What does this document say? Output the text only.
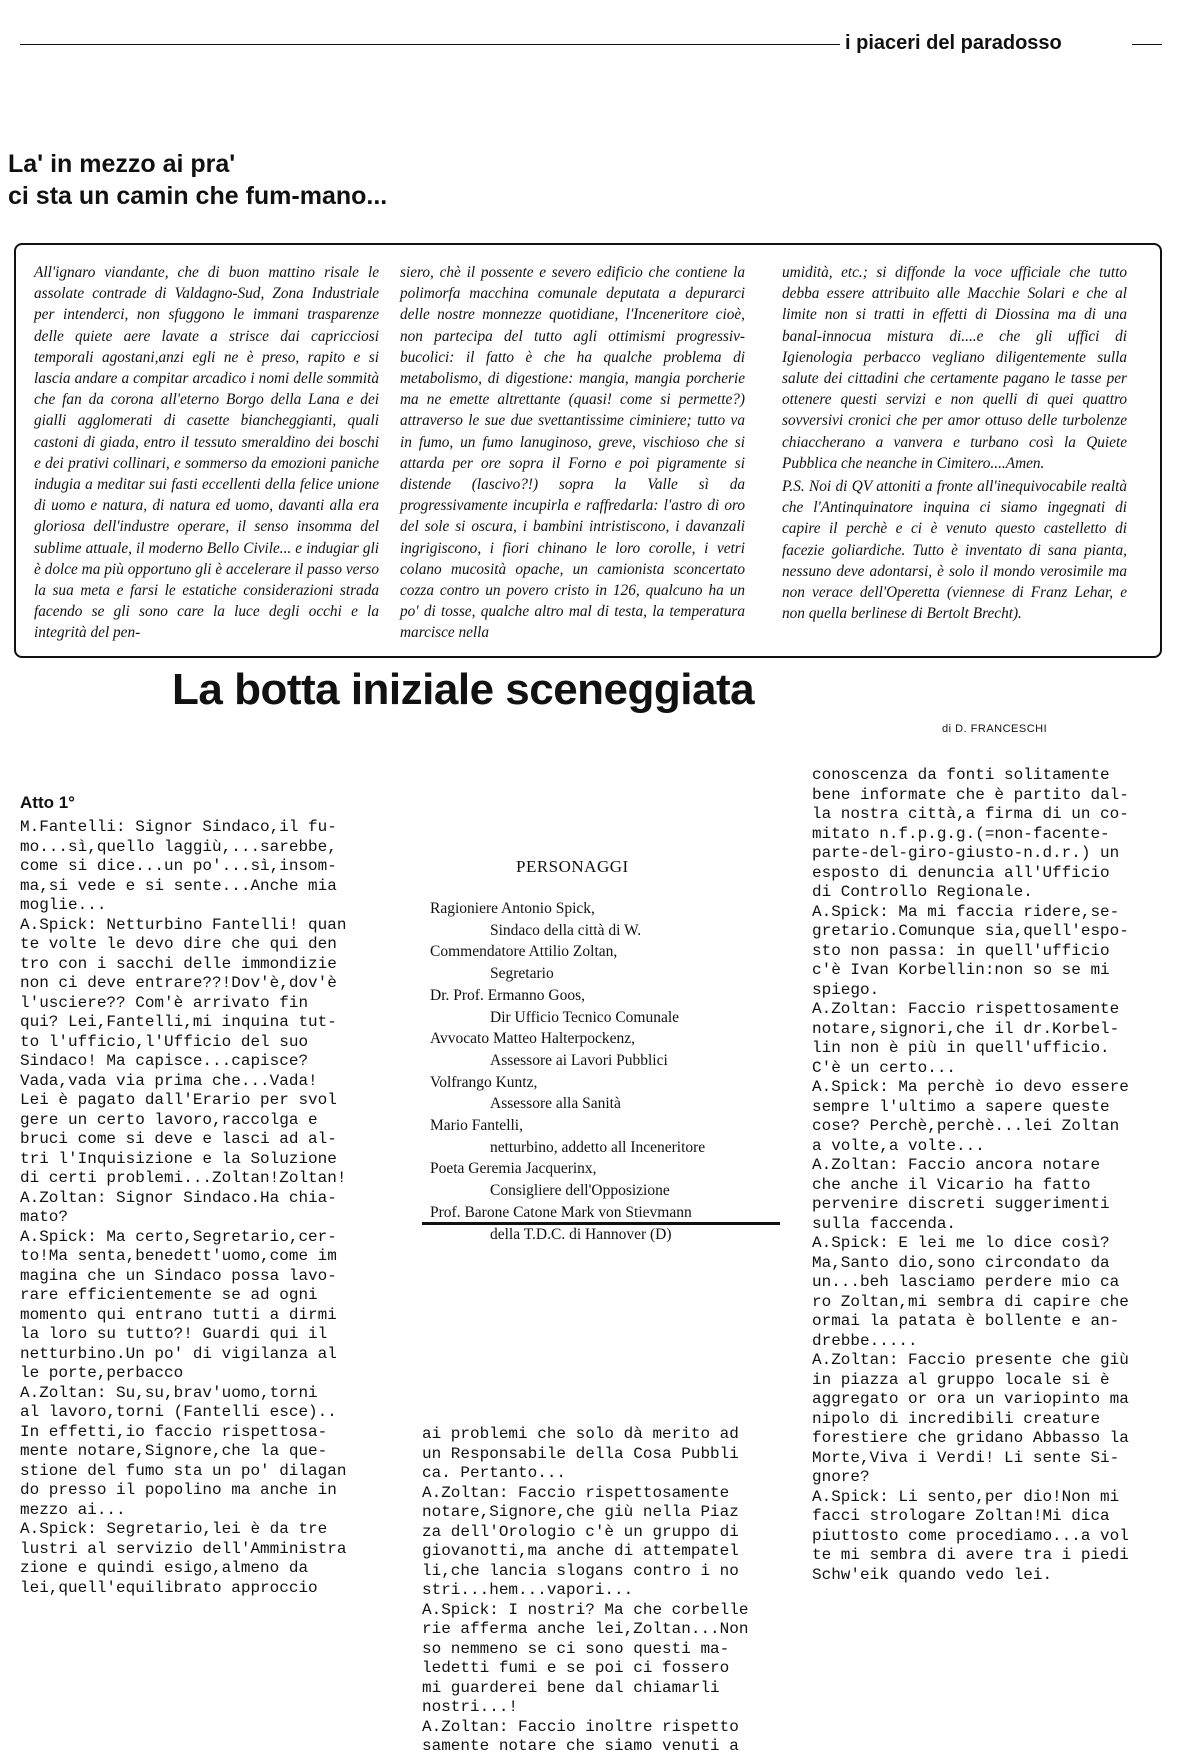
i piaceri del paradosso
La' in mezzo ai pra'
ci sta un camin che fum-mano...
All'ignaro viandante, che di buon mattino risale le assolate contrade di Valdagno-Sud, Zona Industriale per intenderci, non sfuggono le immani trasparenze delle quiete aere lavate a strisce dai capricciosi temporali agostani,anzi egli ne è preso, rapito e si lascia andare a compitar arcadico i nomi delle sommità che fan da corona all'eterno Borgo della Lana e dei gialli agglomerati di casette biancheggianti, quali castoni di giada, entro il tessuto smeraldino dei boschi e dei prativi collinari, e sommerso da emozioni paniche indugia a meditar sui fasti eccellenti della felice unione di uomo e natura, di natura ed uomo, davanti alla era gloriosa dell'industre operare, il senso insomma del sublime attuale, il moderno Bello Civile... e indugiar gli è dolce ma più opportuno gli è accelerare il passo verso la sua meta e farsi le estatiche considerazioni strada facendo se gli sono care la luce degli occhi e la integrità del pen-
siero, chè il possente e severo edificio che contiene la polimorfa macchina comunale deputata a depurarci delle nostre monnezze quotidiane, l'Inceneritore cioè, non partecipa del tutto agli ottimismi progressiv-bucolici: il fatto è che ha qualche problema di metabolismo, di digestione: mangia, mangia porcherie ma ne emette altrettante (quasi! come si permette?) attraverso le sue due svettantissime ciminiere; tutto va in fumo, un fumo lanuginoso, greve, vischioso che si attarda per ore sopra il Forno e poi pigramente si distende (lascivo?!) sopra la Valle sì da progressivamente incupirla e raffredarla: l'astro di oro del sole si oscura, i bambini intristiscono, i davanzali ingrigiscono, i fiori chinano le loro corolle, i vetri colano mucosità opache, un camionista sconcertato cozza contro un povero cristo in 126, qualcuno ha un po' di tosse, qualche altro mal di testa, la temperatura marcisce nella
umidità, etc.; si diffonde la voce ufficiale che tutto debba essere attribuito alle Macchie Solari e che al limite non si tratti in effetti di Diossina ma di una banal-innocua mistura di....e che gli uffici di Igienologia perbacco vegliano diligentemente sulla salute dei cittadini che certamente pagano le tasse per ottenere questi servizi e non quelli di quei quattro sovversivi cronici che per amor ottuso delle turbolenze chiaccherano a vanvera e turbano così la Quiete Pubblica che neanche in Cimitero....Amen.
P.S. Noi di QV attoniti a fronte all'inequivocabile realtà che l'Antinquinatore inquina ci siamo ingegnati di capire il perchè e ci è venuto questo castelletto di facezie goliardiche. Tutto è inventato di sana pianta, nessuno deve adontarsi, è solo il mondo verosimile ma non verace dell'Operetta (viennese di Franz Lehar, e non quella berlinese di Bertolt Brecht).
La botta iniziale sceneggiata
di D. FRANCESCHI
Atto 1°
M.Fantelli: Signor Sindaco,il fu-
mo...sì,quello laggiù,...sarebbe,
come si dice...un po'...sì,insom-
ma,si vede e si sente...Anche mia
moglie...
A.Spick: Netturbino Fantelli! quan
te volte le devo dire che qui den
tro con i sacchi delle immondizie
non ci deve entrare??!Dov'è,dov'è
l'usciere?? Com'è arrivato fin
qui? Lei,Fantelli,mi inquina tut-
to l'ufficio,l'Ufficio del suo
Sindaco! Ma capisce...capisce?
Vada,vada via prima che...Vada!
Lei è pagato dall'Erario per svol
gere un certo lavoro,raccolga e
bruci come si deve e lasci ad al-
tri l'Inquisizione e la Soluzione
di certi problemi...Zoltan!Zoltan!
A.Zoltan: Signor Sindaco.Ha chia-
mato?
A.Spick: Ma certo,Segretario,cer-
to!Ma senta,benedett'uomo,come im
magina che un Sindaco possa lavo-
rare efficientemente se ad ogni
momento qui entrano tutti a dirmi
la loro su tutto?! Guardi qui il
netturbino.Un po' di vigilanza al
le porte,perbacco
A.Zoltan: Su,su,brav'uomo,torni
al lavoro,torni (Fantelli esce)..
In effetti,io faccio rispettosa-
mente notare,Signore,che la que-
stione del fumo sta un po' dilagan
do presso il popolino ma anche in
mezzo ai...
A.Spick: Segretario,lei è da tre
lustri al servizio dell'Amministra
zione e quindi esigo,almeno da
lei,quell'equilibrato approccio
PERSONAGGI
Ragioniere Antonio Spick,
Sindaco della città di W.
Commendatore Attilio Zoltan,
Segretario
Dr. Prof. Ermanno Goos,
Dir Ufficio Tecnico Comunale
Avvocato Matteo Halterpockenz,
Assessore ai Lavori Pubblici
Volfrango Kuntz,
Assessore alla Sanità
Mario Fantelli,
netturbino, addetto all Inceneritore
Poeta Geremia Jacquerinx,
Consigliere dell'Opposizione
Prof. Barone Catone Mark von Stievmann
della T.D.C. di Hannover (D)
ai problemi che solo dà merito ad
un Responsabile della Cosa Pubbli
ca. Pertanto...
A.Zoltan: Faccio rispettosamente
notare,Signore,che giù nella Piaz
za dell'Orologio c'è un gruppo di
giovanotti,ma anche di attempatel
li,che lancia slogans contro i no
stri...hem...vapori...
A.Spick: I nostri? Ma che corbelle
rie afferma anche lei,Zoltan...Non
so nemmeno se ci sono questi ma-
ledetti fumi e se poi ci fossero
mi guarderei bene dal chiamarli
nostri...!
A.Zoltan: Faccio inoltre rispetto
samente notare che siamo venuti a
conoscenza da fonti solitamente
bene informate che è partito dal-
la nostra città,a firma di un co-
mitato n.f.p.g.g.(=non-facente-
parte-del-giro-giusto-n.d.r.) un
esposto di denuncia all'Ufficio
di Controllo Regionale.
A.Spick: Ma mi faccia ridere,se-
gretario.Comunque sia,quell'espo-
sto non passa: in quell'ufficio
c'è Ivan Korbellin:non so se mi
spiego.
A.Zoltan: Faccio rispettosamente
notare,signori,che il dr.Korbel-
lin non è più in quell'ufficio.
C'è un certo...
A.Spick: Ma perchè io devo essere
sempre l'ultimo a sapere queste
cose? Perchè,perchè...lei Zoltan
a volte,a volte...
A.Zoltan: Faccio ancora notare
che anche il Vicario ha fatto
pervenire discreti suggerimenti
sulla faccenda.
A.Spick: E lei me lo dice così?
Ma,Santo dio,sono circondato da
un...beh lasciamo perdere mio ca
ro Zoltan,mi sembra di capire che
ormai la patata è bollente e an-
drebbe.....
A.Zoltan: Faccio presente che giù
in piazza al gruppo locale si è
aggregato or ora un variopinto ma
nipolo di incredibili creature
forestiere che gridano Abbasso la
Morte,Viva i Verdi! Li sente Si-
gnore?
A.Spick: Li sento,per dio!Non mi
facci strologare Zoltan!Mi dica
piuttosto come procediamo...a vol
te mi sembra di avere tra i piedi
Schw'eik quando vedo lei.
